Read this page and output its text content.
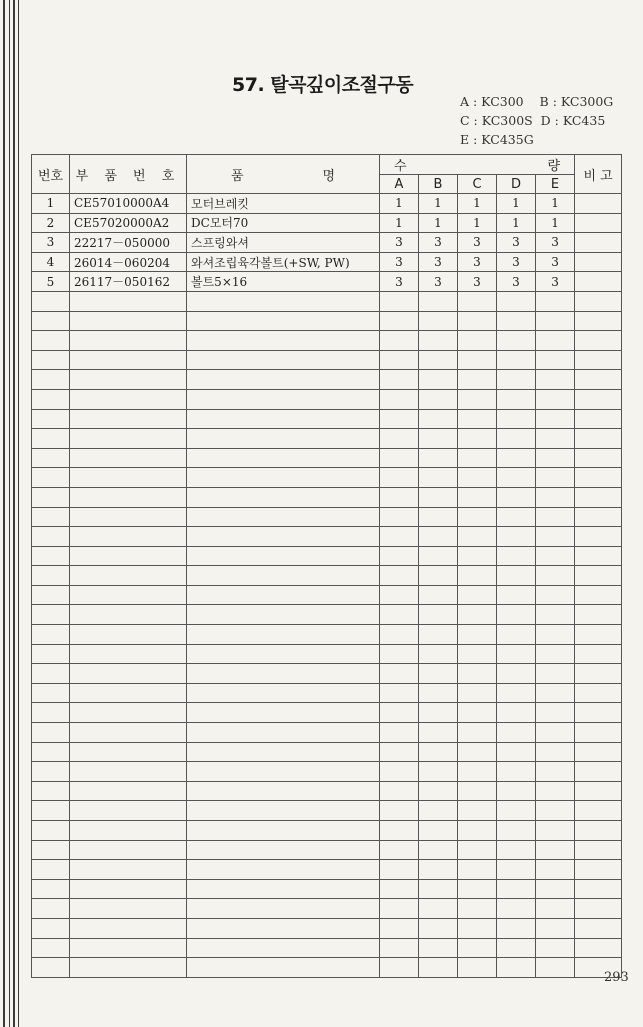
57. 탈곡깊이조절구동
A : KC300 B : KC300G
C : KC300S D : KC435
E : KC435G
번호	부 품 번 호	품 명	수 량					비 고
			A	B	C	D	E	
1	CE57010000A4	모터브레킷	1	1	1	1	1	
2	CE57020000A2	DC모터70	1	1	1	1	1	
3	22217－050000	스프링와셔	3	3	3	3	3	
4	26014－060204	와셔조립육각볼트(+SW, PW)	3	3	3	3	3	
5	26117－050162	볼트5×16	3	3	3	3	3	

293
